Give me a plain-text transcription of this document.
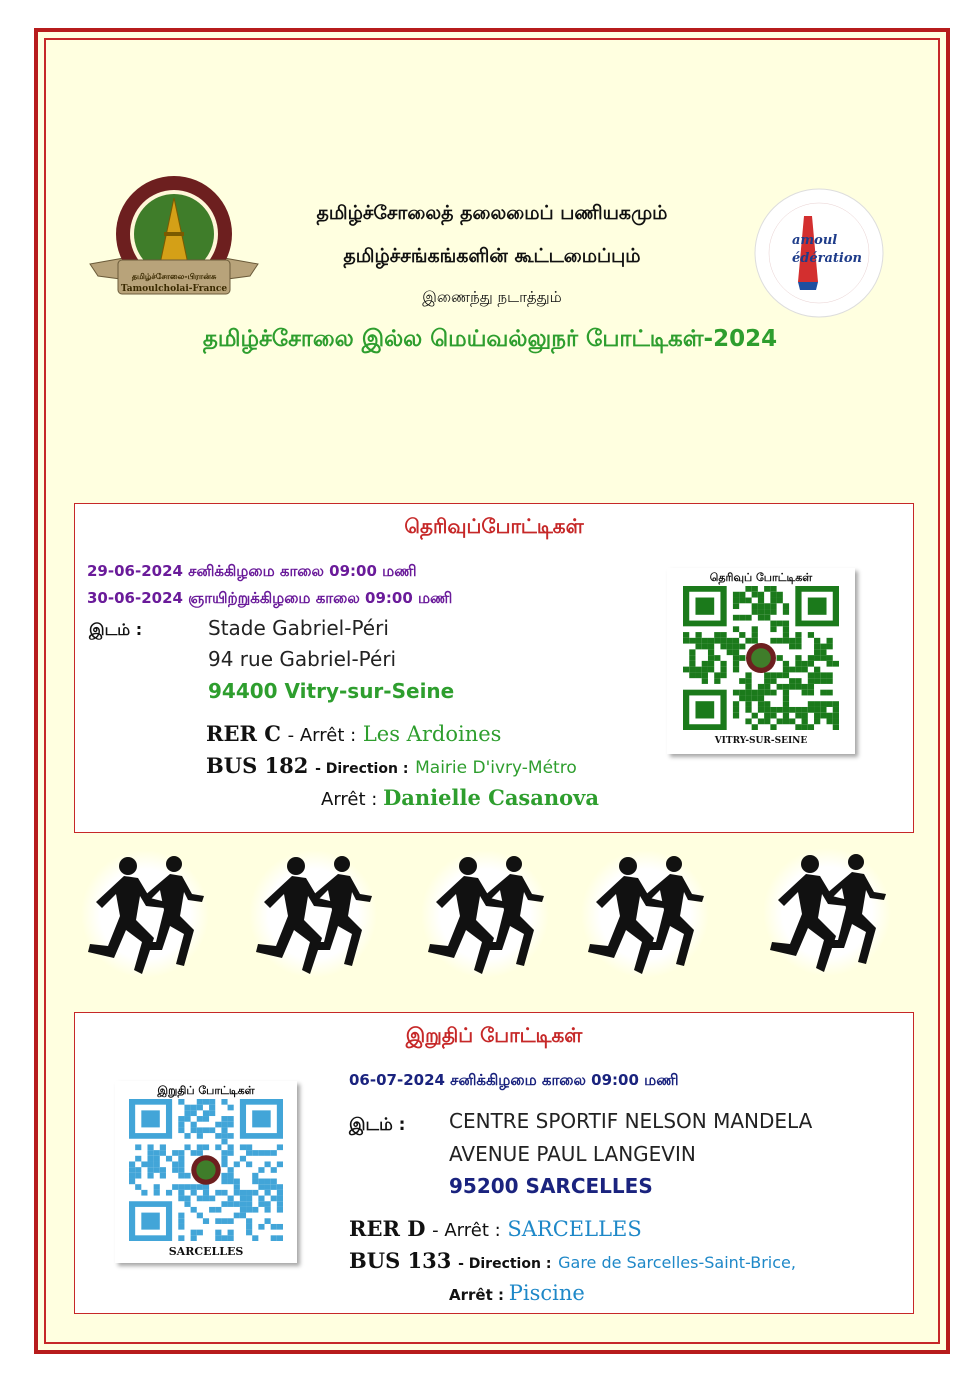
தமிழ்ச்சோலை-பிரான்சு
Tamoulcholai-France
amoul édération
தமிழ்ச்சோலைத் தலைமைப் பணியகமும்
தமிழ்ச்சங்கங்களின் கூட்டமைப்பும்
இணைந்து நடாத்தும்
தமிழ்ச்சோலை இல்ல மெய்வல்லுநர் போட்டிகள்-2024
தெரிவுப்போட்டிகள்
29-06-2024 சனிக்கிழமை காலை 09:00 மணி
30-06-2024 ஞாயிற்றுக்கிழமை காலை 09:00 மணி
இடம் :	Stade Gabriel-Péri
94 rue Gabriel-Péri
94400 Vitry-sur-Seine
RER C - Arrêt : Les Ardoines
BUS 182 - Direction : Mairie D'ivry-Métro
Arrêt : Danielle Casanova
தெரிவுப் போட்டிகள்
VITRY-SUR-SEINE
இறுதிப் போட்டிகள்
இறுதிப் போட்டிகள்
SARCELLES
06-07-2024 சனிக்கிழமை காலை 09:00 மணி
இடம் : CENTRE SPORTIF NELSON MANDELA
AVENUE PAUL LANGEVIN
95200 SARCELLES
RER D - Arrêt : SARCELLES
BUS 133 - Direction : Gare de Sarcelles-Saint-Brice,
Arrêt : Piscine
